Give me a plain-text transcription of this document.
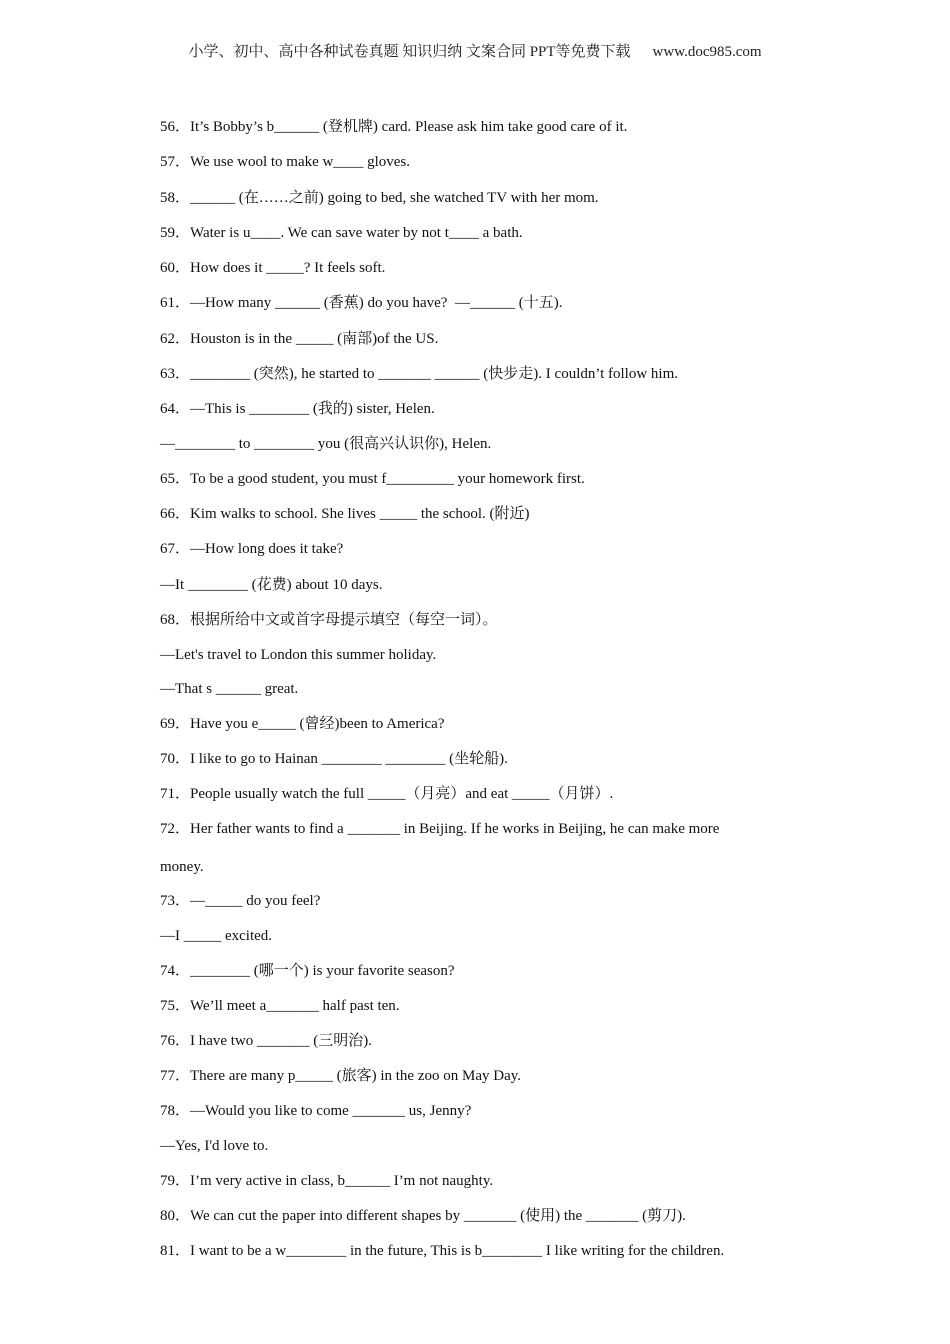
小学、初中、高中各种试卷真题 知识归纳 文案合同 PPT等免费下载 www.doc985.com
56．It’s Bobby’s b______ (登机牌) card. Please ask him take good care of it.
57．We use wool to make w____ gloves.
58．______ (在……之前) going to bed, she watched TV with her mom.
59．Water is u____. We can save water by not t____ a bath.
60．How does it _____? It feels soft.
61．—How many ______ (香蕉) do you have?  —______ (十五).
62．Houston is in the _____ (南部)of the US.
63．________ (突然), he started to _______ ______ (快步走). I couldn’t follow him.
64．—This is ________ (我的) sister, Helen.
—________ to ________ you (很高兴认识你), Helen.
65．To be a good student, you must f_________ your homework first.
66．Kim walks to school. She lives _____ the school. (附近)
67．—How long does it take?
—It ________ (花费) about 10 days.
68．根据所给中文或首字母提示填空（每空一词）。
—Let's travel to London this summer holiday.
—That s ______ great.
69．Have you e_____ (曾经)been to America?
70．I like to go to Hainan ________ ________ (坐轮船).
71．People usually watch the full _____（月亮）and eat _____（月饼）.
72．Her father wants to find a _______ in Beijing. If he works in Beijing, he can make more
money.
73．—_____ do you feel?
—I _____ excited.
74．________ (哪一个) is your favorite season?
75．We’ll meet a_______ half past ten.
76．I have two _______ (三明治).
77．There are many p_____ (旅客) in the zoo on May Day.
78．—Would you like to come _______ us, Jenny?
—Yes, I'd love to.
79．I’m very active in class, b______ I’m not naughty.
80．We can cut the paper into different shapes by _______ (使用) the _______ (剪刀).
81．I want to be a w________ in the future, This is b________ I like writing for the children.
